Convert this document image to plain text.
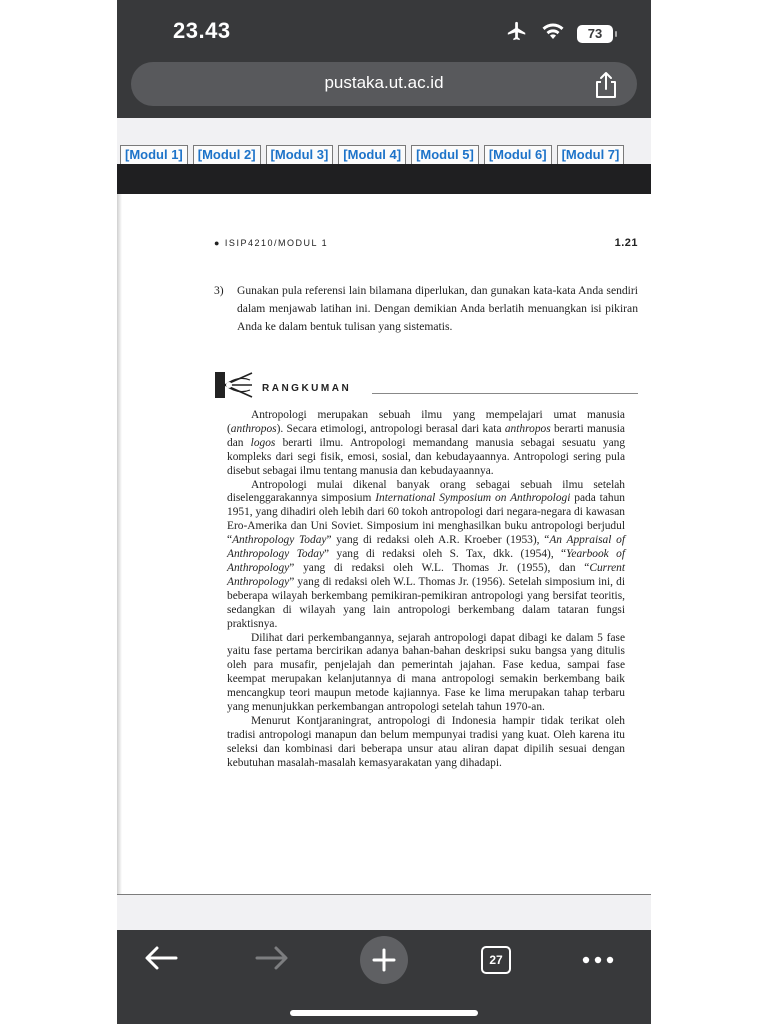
23.43	73
pustaka.ut.ac.id
[Modul 1]	[Modul 2]	[Modul 3]	[Modul 4]	[Modul 5]	[Modul 6]	[Modul 7]
● ISIP4210/MODUL 1	1.21
3) Gunakan pula referensi lain bilamana diperlukan, dan gunakan kata-kata Anda sendiri dalam menjawab latihan ini. Dengan demikian Anda berlatih menuangkan isi pikiran Anda ke dalam bentuk tulisan yang sistematis.
RANGKUMAN

Antropologi merupakan sebuah ilmu yang mempelajari umat manusia (anthropos). Secara etimologi, antropologi berasal dari kata anthropos berarti manusia dan logos berarti ilmu. Antropologi memandang manusia sebagai sesuatu yang kompleks dari segi fisik, emosi, sosial, dan kebudayaannya. Antropologi sering pula disebut sebagai ilmu tentang manusia dan kebudayaannya.

Antropologi mulai dikenal banyak orang sebagai sebuah ilmu setelah diselenggarakannya simposium International Symposium on Anthropologi pada tahun 1951, yang dihadiri oleh lebih dari 60 tokoh antropologi dari negara-negara di kawasan Ero-Amerika dan Uni Soviet. Simposium ini menghasilkan buku antropologi berjudul “Anthropology Today” yang di redaksi oleh A.R. Kroeber (1953), “An Appraisal of Anthropology Today” yang di redaksi oleh S. Tax, dkk. (1954), “Yearbook of Anthropology” yang di redaksi oleh W.L. Thomas Jr. (1955), dan “Current Anthropology” yang di redaksi oleh W.L. Thomas Jr. (1956). Setelah simposium ini, di beberapa wilayah berkembang pemikiran-pemikiran antropologi yang bersifat teoritis, sedangkan di wilayah yang lain antropologi berkembang dalam tataran fungsi praktisnya.

Dilihat dari perkembangannya, sejarah antropologi dapat dibagi ke dalam 5 fase yaitu fase pertama bercirikan adanya bahan-bahan deskripsi suku bangsa yang ditulis oleh para musafir, penjelajah dan pemerintah jajahan. Fase kedua, sampai fase keempat merupakan kelanjutannya di mana antropologi semakin berkembang baik mencangkup teori maupun metode kajiannya. Fase ke lima merupakan tahap terbaru yang menunjukkan perkembangan antropologi setelah tahun 1970-an.

Menurut Kontjaraningrat, antropologi di Indonesia hampir tidak terikat oleh tradisi antropologi manapun dan belum mempunyai tradisi yang kuat. Oleh karena itu seleksi dan kombinasi dari beberapa unsur atau aliran dapat dipilih sesuai dengan kebutuhan masalah-masalah kemasyarakatan yang dihadapi.

27
